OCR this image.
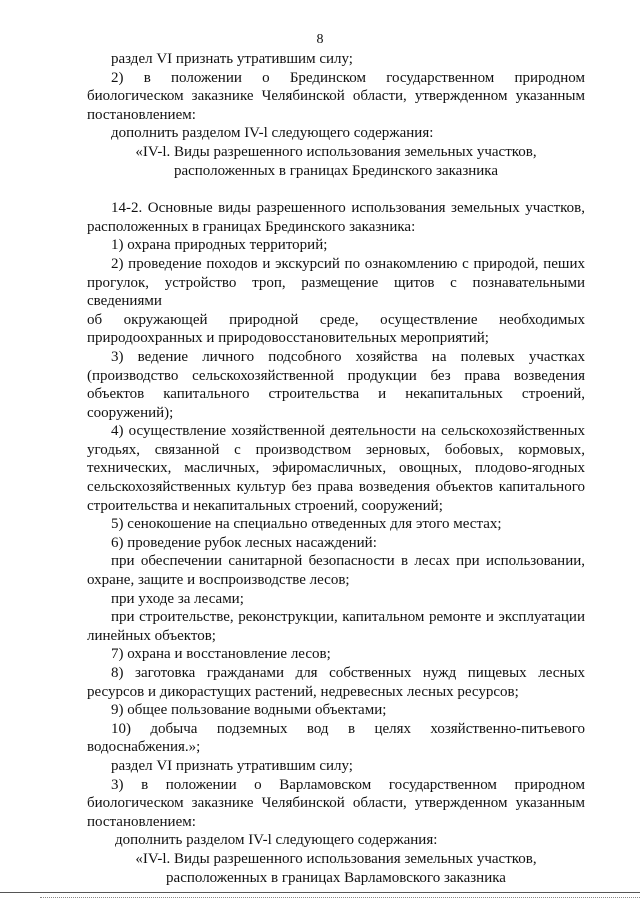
8

раздел VI признать утратившим силу;

2) в положении о Брединском государственном природном

биологическом заказнике Челябинской области, утвержденном указанным

постановлением:

дополнить разделом IV-l следующего содержания:

«IV-l. Виды разрешенного использования земельных участков,

расположенных в границах Брединского заказника

14-2. Основные виды разрешенного использования земельных участков,

расположенных в границах Брединского заказника:

1) охрана природных территорий;

2) проведение походов и экскурсий по ознакомлению с природой, пеших

прогулок, устройство троп, размещение щитов с познавательными сведениями

об окружающей природной среде, осуществление необходимых

природоохранных и природовосстановительных мероприятий;

3) ведение личного подсобного хозяйства на полевых участках

(производство сельскохозяйственной продукции без права возведения

объектов капитального строительства и некапитальных строений,

сооружений);

4) осуществление хозяйственной деятельности на сельскохозяйственных

угодьях, связанной с производством зерновых, бобовых, кормовых,

технических, масличных, эфиромасличных, овощных, плодово-ягодных

сельскохозяйственных культур без права возведения объектов капитального

строительства и некапитальных строений, сооружений;

5) сенокошение на специально отведенных для этого местах;

6) проведение рубок лесных насаждений:

при обеспечении санитарной безопасности в лесах при использовании,

охране, защите и воспроизводстве лесов;

при уходе за лесами;

при строительстве, реконструкции, капитальном ремонте и эксплуатации

линейных объектов;

7) охрана и восстановление лесов;

8) заготовка гражданами для собственных нужд пищевых лесных

ресурсов и дикорастущих растений, недревесных лесных ресурсов;

9) общее пользование водными объектами;

10) добыча подземных вод в целях хозяйственно-питьевого

водоснабжения.»;

раздел VI признать утратившим силу;

3) в положении о Варламовском государственном природном

биологическом заказнике Челябинской области, утвержденном указанным

постановлением:

дополнить разделом IV-l следующего содержания:

«IV-l. Виды разрешенного использования земельных участков,

расположенных в границах Варламовского заказника
